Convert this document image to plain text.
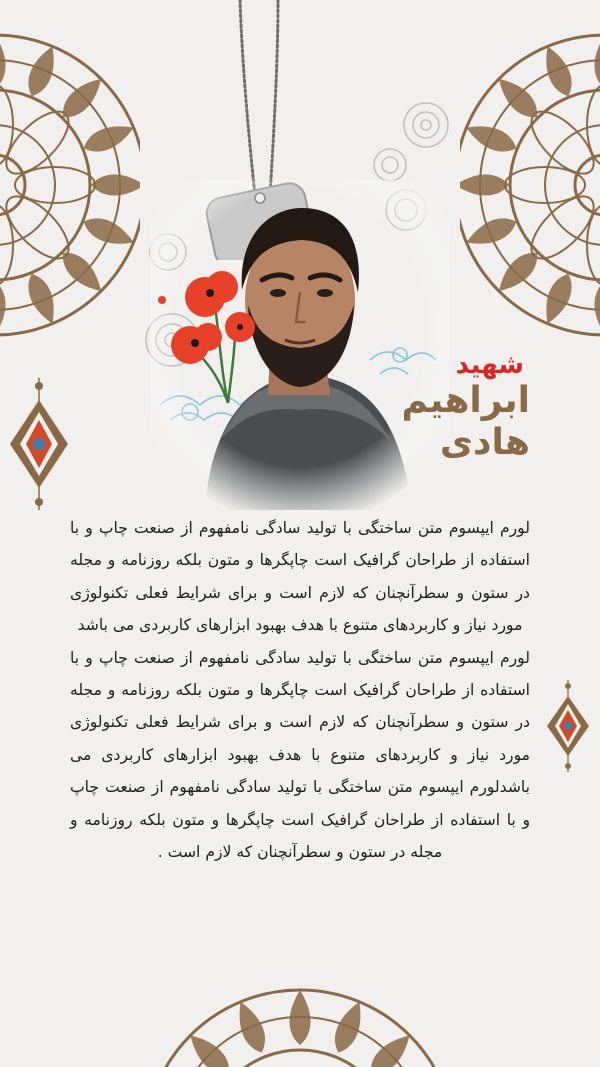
شهید
ابراهیم
هادی

لورم ایپسوم متن ساختگی با تولید سادگی نامفهوم از صنعت چاپ و با استفاده از طراحان گرافیک است چاپگرها و متون بلکه روزنامه و مجله در ستون و سطرآنچنان که لازم است و برای شرایط فعلی تکنولوژی مورد نیاز و کاربردهای متنوع با هدف بهبود ابزارهای کاربردی می باشد

لورم ایپسوم متن ساختگی با تولید سادگی نامفهوم از صنعت چاپ و با استفاده از طراحان گرافیک است چاپگرها و متون بلکه روزنامه و مجله در ستون و سطرآنچنان که لازم است و برای شرایط فعلی تکنولوژی مورد نیاز و کاربردهای متنوع با هدف بهبود ابزارهای کاربردی می باشدلورم ایپسوم متن ساختگی با تولید سادگی نامفهوم از صنعت چاپ و با استفاده از طراحان گرافیک است چاپگرها و متون بلکه روزنامه و مجله در ستون و سطرآنچنان که لازم است .
